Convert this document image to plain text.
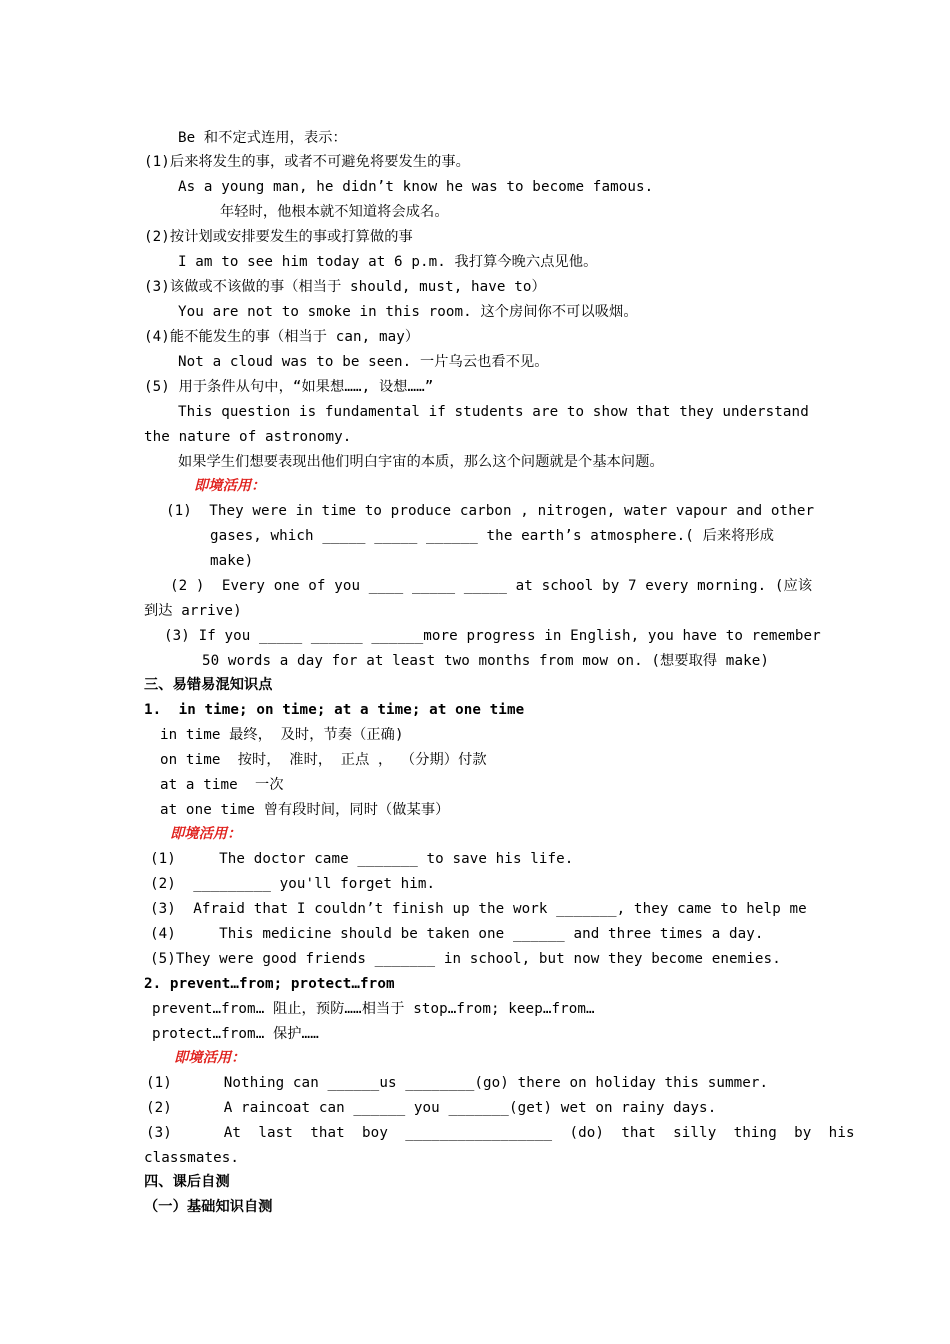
Be 和不定式连用，表示：
(1)后来将发生的事，或者不可避免将要发生的事。
As a young man, he didn’t know he was to become famous.
年轻时，他根本就不知道将会成名。
(2)按计划或安排要发生的事或打算做的事
I am to see him today at 6 p.m. 我打算今晚六点见他。
(3)该做或不该做的事（相当于 should, must, have to）
You are not to smoke in this room. 这个房间你不可以吸烟。
(4)能不能发生的事（相当于 can, may）
Not a cloud was to be seen. 一片乌云也看不见。
(5) 用于条件从句中，“如果想……, 设想……”
This question is fundamental if students are to show that they understand
the nature of astronomy.
如果学生们想要表现出他们明白宇宙的本质，那么这个问题就是个基本问题。
即境活用：
(1)  They were in time to produce carbon , nitrogen, water vapour and other
gases, which _____ _____ ______ the earth’s atmosphere.( 后来将形成
make)
(2 )  Every one of you ____ _____ _____ at school by 7 every morning. (应该
到达 arrive)
(3) If you _____ ______ ______more progress in English, you have to remember
50 words a day for at least two months from mow on. (想要取得 make)
三、易错易混知识点
1.  in time; on time; at a time; at one time
in time 最终， 及时，节奏（正确)
on time  按时， 准时， 正点 ， （分期）付款
at a time  一次
at one time 曾有段时间，同时（做某事）
即境活用：
(1)     The doctor came _______ to save his life.
(2)  _________ you'll forget him.
(3)  Afraid that I couldn’t finish up the work _______, they came to help me
(4)     This medicine should be taken one ______ and three times a day.
(5)They were good friends _______ in school, but now they become enemies.
2. prevent…from; protect…from
prevent…from… 阻止，预防……相当于 stop…from; keep…from…
protect…from… 保护……
即境活用：
(1)      Nothing can ______us ________(go) there on holiday this summer.
(2)      A raincoat can ______ you _______(get) wet on rainy days.
(3)      At  last  that  boy  _________________  (do)  that  silly  thing  by  his
classmates.
四、课后自测
（一）基础知识自测
